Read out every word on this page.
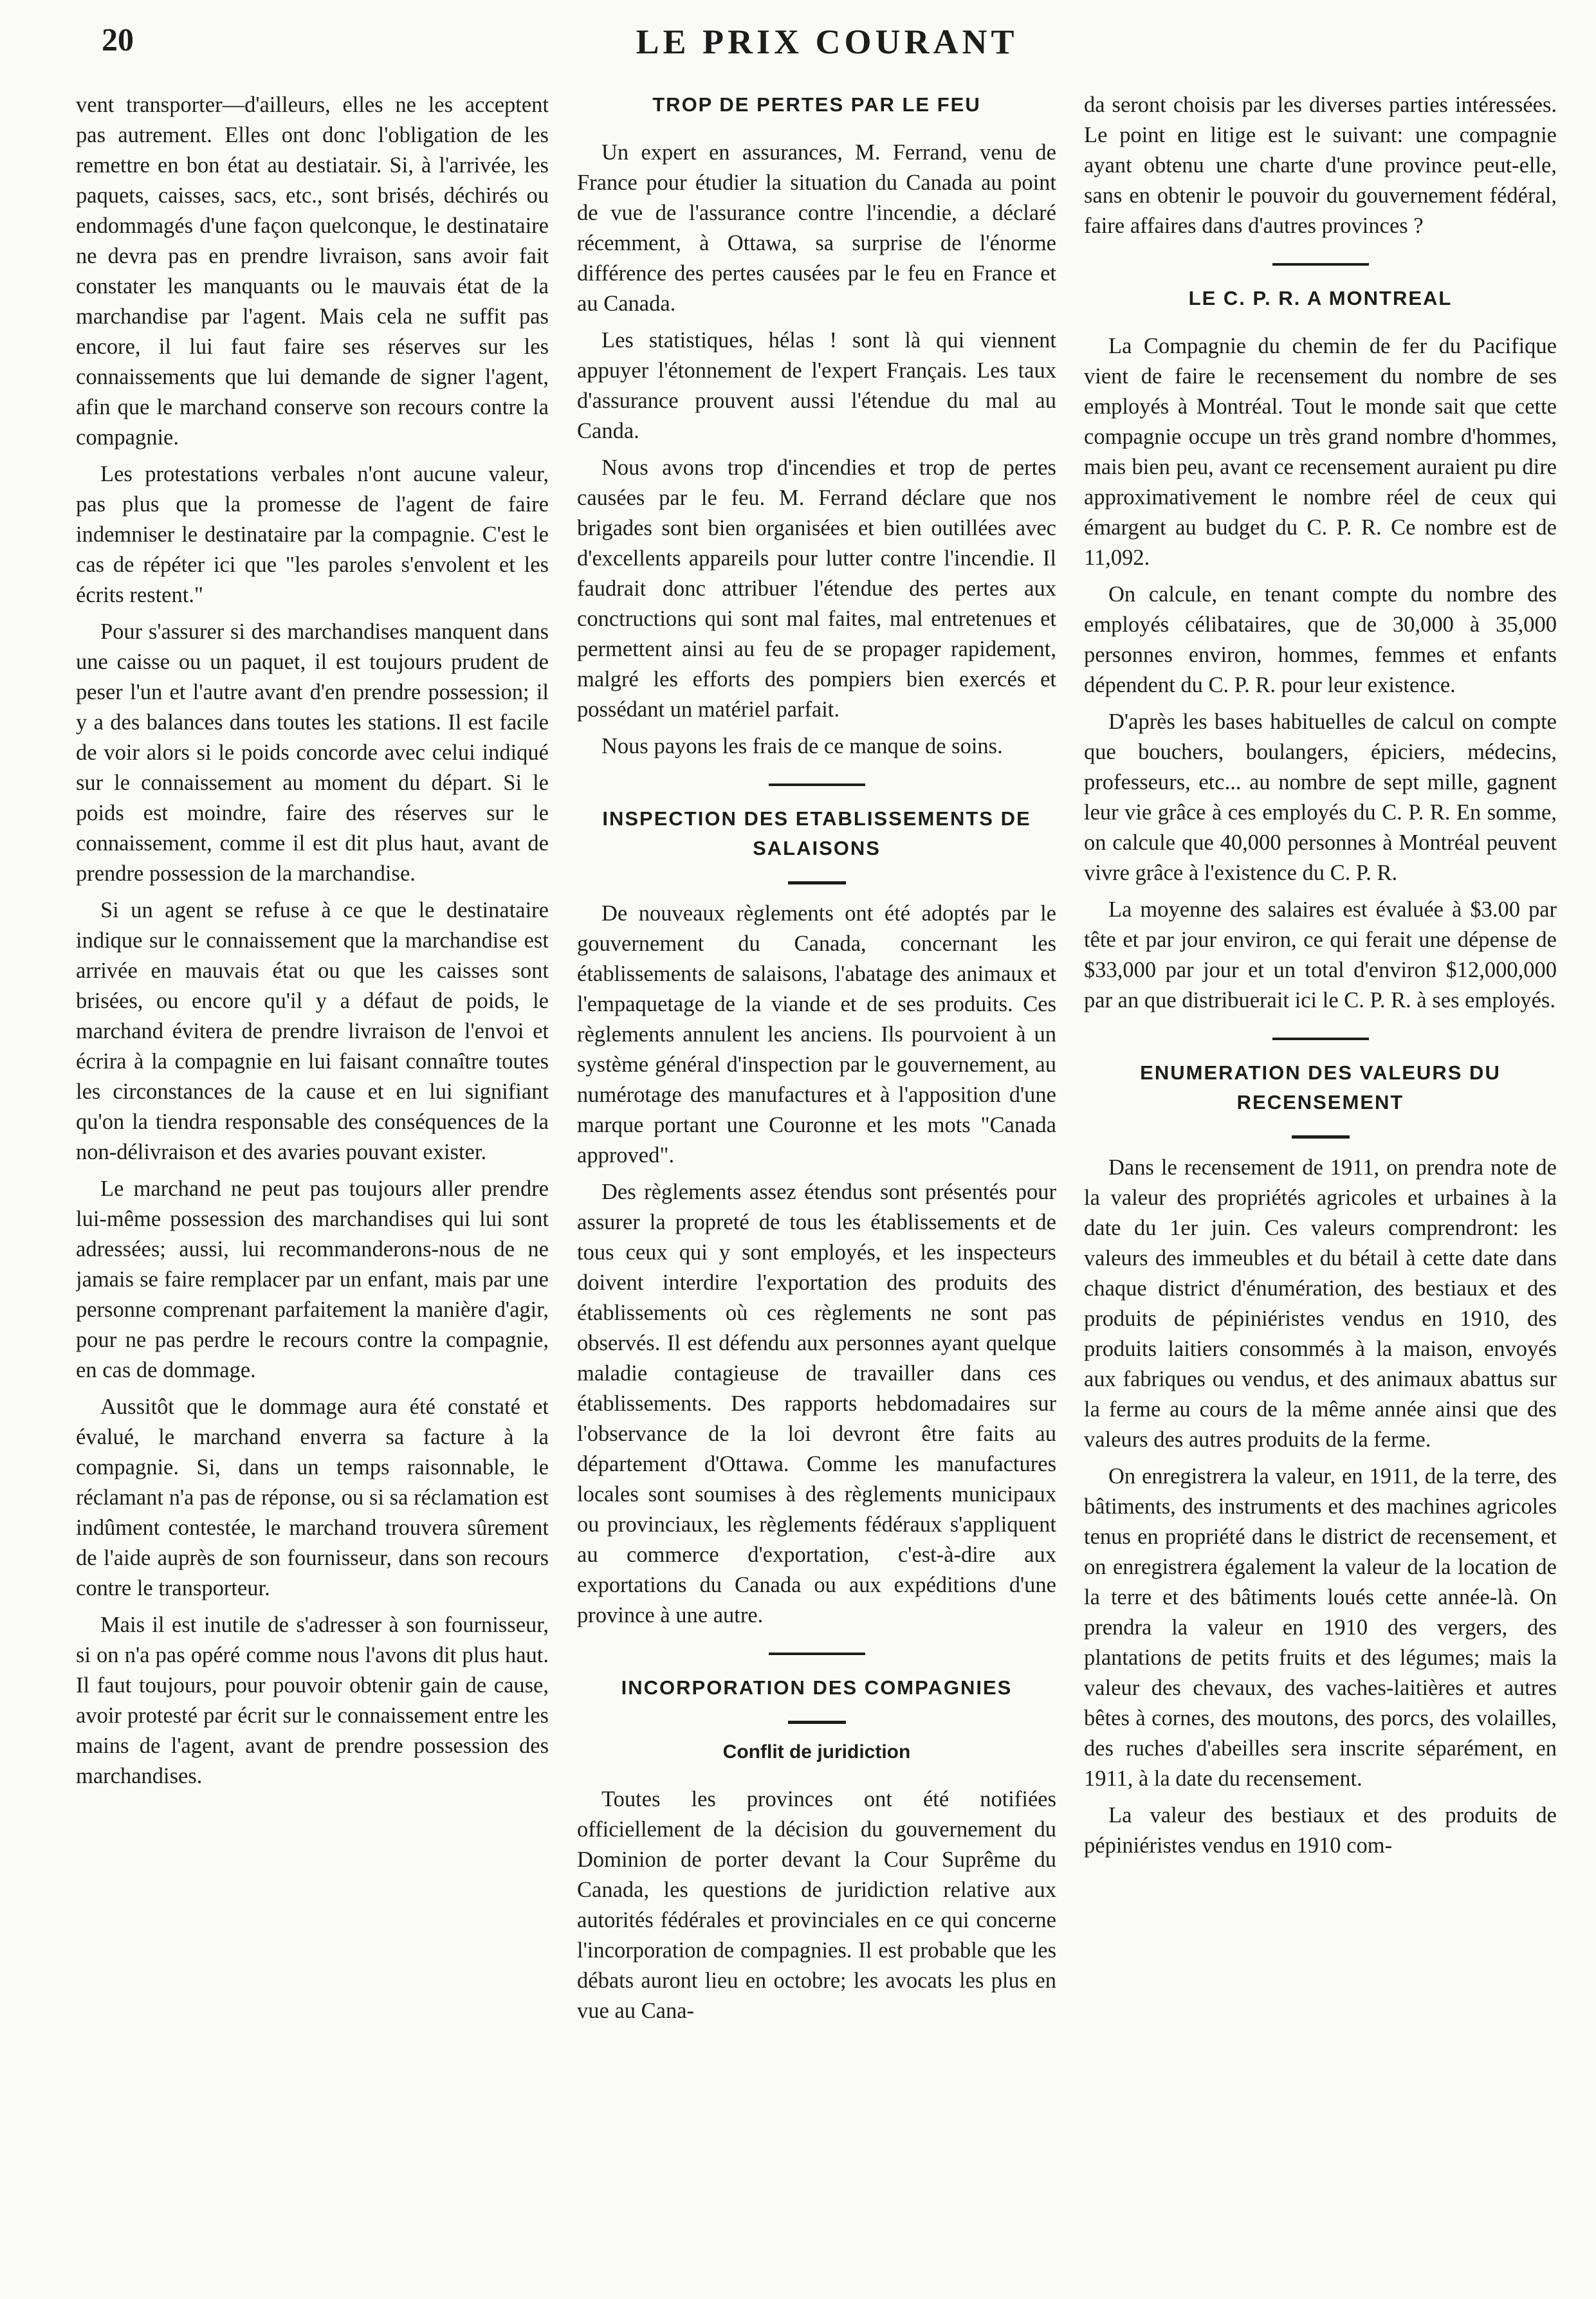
20	LE PRIX COURANT

vent transporter—d'ailleurs, elles ne les acceptent pas autrement. Elles ont donc l'obligation de les remettre en bon état au destiatair. Si, à l'arrivée, les paquets, caisses, sacs, etc., sont brisés, déchirés ou endommagés d'une façon quelconque, le destinataire ne devra pas en prendre livraison, sans avoir fait constater les manquants ou le mauvais état de la marchandise par l'agent. Mais cela ne suffit pas encore, il lui faut faire ses réserves sur les connaissements que lui demande de signer l'agent, afin que le marchand conserve son recours contre la compagnie.

Les protestations verbales n'ont aucune valeur, pas plus que la promesse de l'agent de faire indemniser le destinataire par la compagnie. C'est le cas de répéter ici que "les paroles s'envolent et les écrits restent."

Pour s'assurer si des marchandises manquent dans une caisse ou un paquet, il est toujours prudent de peser l'un et l'autre avant d'en prendre possession; il y a des balances dans toutes les stations. Il est facile de voir alors si le poids concorde avec celui indiqué sur le connaissement au moment du départ. Si le poids est moindre, faire des réserves sur le connaissement, comme il est dit plus haut, avant de prendre possession de la marchandise.

Si un agent se refuse à ce que le destinataire indique sur le connaissement que la marchandise est arrivée en mauvais état ou que les caisses sont brisées, ou encore qu'il y a défaut de poids, le marchand évitera de prendre livraison de l'envoi et écrira à la compagnie en lui faisant connaître toutes les circonstances de la cause et en lui signifiant qu'on la tiendra responsable des conséquences de la non-délivraison et des avaries pouvant exister.

Le marchand ne peut pas toujours aller prendre lui-même possession des marchandises qui lui sont adressées; aussi, lui recommanderons-nous de ne jamais se faire remplacer par un enfant, mais par une personne comprenant parfaitement la manière d'agir, pour ne pas perdre le recours contre la compagnie, en cas de dommage.

Aussitôt que le dommage aura été constaté et évalué, le marchand enverra sa facture à la compagnie. Si, dans un temps raisonnable, le réclamant n'a pas de réponse, ou si sa réclamation est indûment contestée, le marchand trouvera sûrement de l'aide auprès de son fournisseur, dans son recours contre le transporteur.

Mais il est inutile de s'adresser à son fournisseur, si on n'a pas opéré comme nous l'avons dit plus haut. Il faut toujours, pour pouvoir obtenir gain de cause, avoir protesté par écrit sur le connaissement entre les mains de l'agent, avant de prendre possession des marchandises.

TROP DE PERTES PAR LE FEU

Un expert en assurances, M. Ferrand, venu de France pour étudier la situation du Canada au point de vue de l'assurance contre l'incendie, a déclaré récemment, à Ottawa, sa surprise de l'énorme différence des pertes causées par le feu en France et au Canada.

Les statistiques, hélas ! sont là qui viennent appuyer l'étonnement de l'expert Français. Les taux d'assurance prouvent aussi l'étendue du mal au Canda.

Nous avons trop d'incendies et trop de pertes causées par le feu. M. Ferrand déclare que nos brigades sont bien organisées et bien outillées avec d'excellents appareils pour lutter contre l'incendie. Il faudrait donc attribuer l'étendue des pertes aux conctructions qui sont mal faites, mal entretenues et permettent ainsi au feu de se propager rapidement, malgré les efforts des pompiers bien exercés et possédant un matériel parfait.

Nous payons les frais de ce manque de soins.

INSPECTION DES ETABLISSEMENTS DE SALAISONS

De nouveaux règlements ont été adoptés par le gouvernement du Canada, concernant les établissements de salaisons, l'abatage des animaux et l'empaquetage de la viande et de ses produits. Ces règlements annulent les anciens. Ils pourvoient à un système général d'inspection par le gouvernement, au numérotage des manufactures et à l'apposition d'une marque portant une Couronne et les mots "Canada approved".

Des règlements assez étendus sont présentés pour assurer la propreté de tous les établissements et de tous ceux qui y sont employés, et les inspecteurs doivent interdire l'exportation des produits des établissements où ces règlements ne sont pas observés. Il est défendu aux personnes ayant quelque maladie contagieuse de travailler dans ces établissements. Des rapports hebdomadaires sur l'observance de la loi devront être faits au département d'Ottawa. Comme les manufactures locales sont soumises à des règlements municipaux ou provinciaux, les règlements fédéraux s'appliquent au commerce d'exportation, c'est-à-dire aux exportations du Canada ou aux expéditions d'une province à une autre.

INCORPORATION DES COMPAGNIES
Conflit de juridiction

Toutes les provinces ont été notifiées officiellement de la décision du gouvernement du Dominion de porter devant la Cour Suprême du Canada, les questions de juridiction relative aux autorités fédérales et provinciales en ce qui concerne l'incorporation de compagnies. Il est probable que les débats auront lieu en octobre; les avocats les plus en vue au Cana-

da seront choisis par les diverses parties intéressées. Le point en litige est le suivant: une compagnie ayant obtenu une charte d'une province peut-elle, sans en obtenir le pouvoir du gouvernement fédéral, faire affaires dans d'autres provinces ?

LE C. P. R. A MONTREAL

La Compagnie du chemin de fer du Pacifique vient de faire le recensement du nombre de ses employés à Montréal. Tout le monde sait que cette compagnie occupe un très grand nombre d'hommes, mais bien peu, avant ce recensement auraient pu dire approximativement le nombre réel de ceux qui émargent au budget du C. P. R. Ce nombre est de 11,092.

On calcule, en tenant compte du nombre des employés célibataires, que de 30,000 à 35,000 personnes environ, hommes, femmes et enfants dépendent du C. P. R. pour leur existence.

D'après les bases habituelles de calcul on compte que bouchers, boulangers, épiciers, médecins, professeurs, etc... au nombre de sept mille, gagnent leur vie grâce à ces employés du C. P. R. En somme, on calcule que 40,000 personnes à Montréal peuvent vivre grâce à l'existence du C. P. R.

La moyenne des salaires est évaluée à $3.00 par tête et par jour environ, ce qui ferait une dépense de $33,000 par jour et un total d'environ $12,000,000 par an que distribuerait ici le C. P. R. à ses employés.

ENUMERATION DES VALEURS DU RECENSEMENT

Dans le recensement de 1911, on prendra note de la valeur des propriétés agricoles et urbaines à la date du 1er juin. Ces valeurs comprendront: les valeurs des immeubles et du bétail à cette date dans chaque district d'énumération, des bestiaux et des produits de pépiniéristes vendus en 1910, des produits laitiers consommés à la maison, envoyés aux fabriques ou vendus, et des animaux abattus sur la ferme au cours de la même année ainsi que des valeurs des autres produits de la ferme.

On enregistrera la valeur, en 1911, de la terre, des bâtiments, des instruments et des machines agricoles tenus en propriété dans le district de recensement, et on enregistrera également la valeur de la location de la terre et des bâtiments loués cette année-là. On prendra la valeur en 1910 des vergers, des plantations de petits fruits et des légumes; mais la valeur des chevaux, des vaches-laitières et autres bêtes à cornes, des moutons, des porcs, des volailles, des ruches d'abeilles sera inscrite séparément, en 1911, à la date du recensement.

La valeur des bestiaux et des produits de pépiniéristes vendus en 1910 com-
